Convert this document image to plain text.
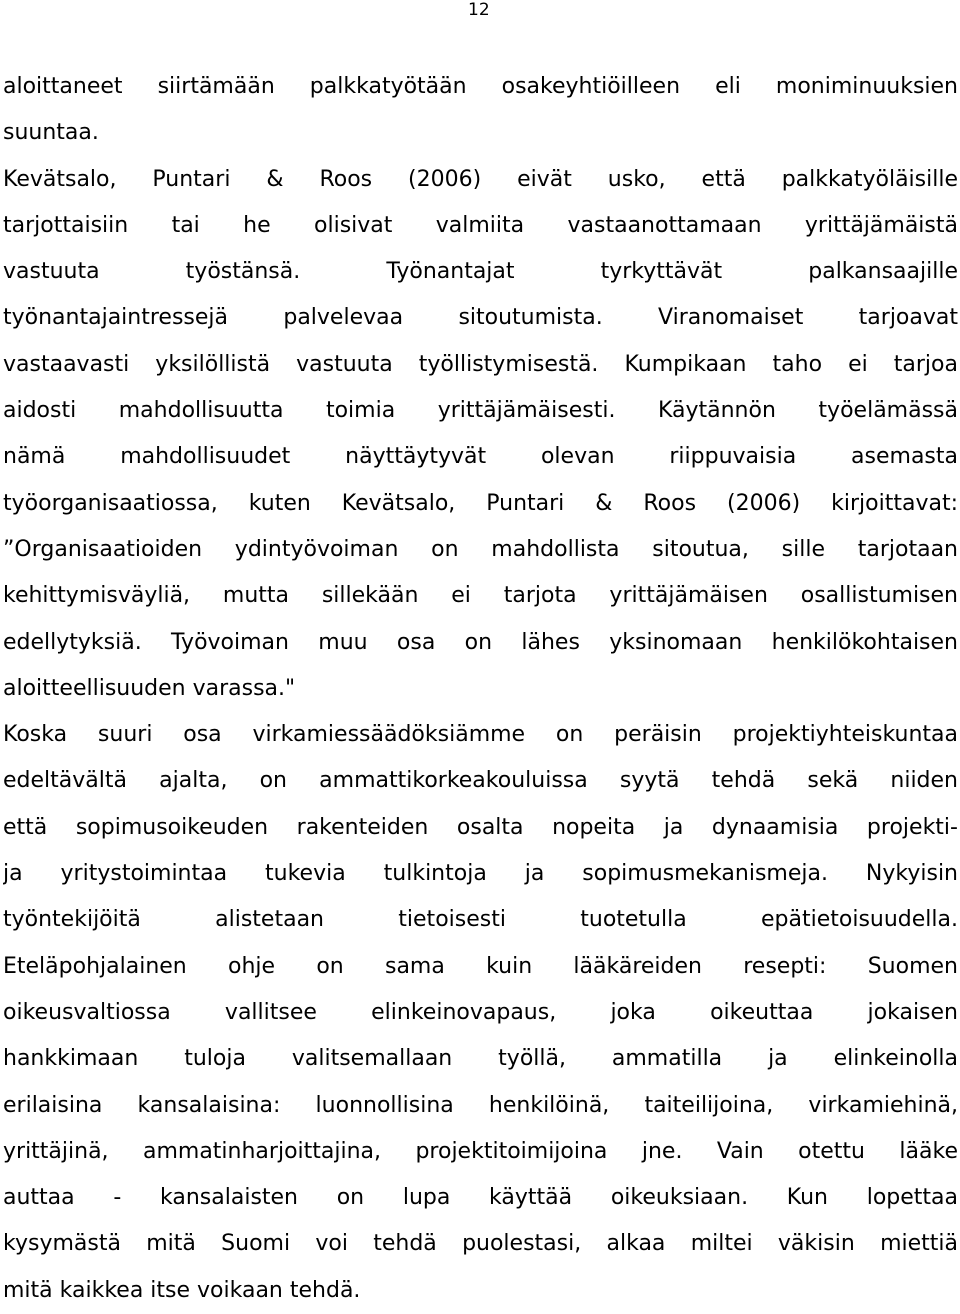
12
aloittaneet siirtämään palkkatyötään osakeyhtiöilleen eli moniminuuksien
suuntaa.
Kevätsalo, Puntari & Roos (2006) eivät usko, että palkkatyöläisille
tarjottaisiin tai he olisivat valmiita vastaanottamaan yrittäjämäistä
vastuuta työstänsä. Työnantajat tyrkyttävät palkansaajille
työnantajaintressejä palvelevaa sitoutumista. Viranomaiset tarjoavat
vastaavasti yksilöllistä vastuuta työllistymisestä. Kumpikaan taho ei tarjoa
aidosti mahdollisuutta toimia yrittäjämäisesti. Käytännön työelämässä
nämä mahdollisuudet näyttäytyvät olevan riippuvaisia asemasta
työorganisaatiossa, kuten Kevätsalo, Puntari & Roos (2006) kirjoittavat:
”Organisaatioiden ydintyövoiman on mahdollista sitoutua, sille tarjotaan
kehittymisväyliä, mutta sillekään ei tarjota yrittäjämäisen osallistumisen
edellytyksiä. Työvoiman muu osa on lähes yksinomaan henkilökohtaisen
aloitteellisuuden varassa."
Koska suuri osa virkamiessäädöksiämme on peräisin projektiyhteiskuntaa
edeltävältä ajalta, on ammattikorkeakouluissa syytä tehdä sekä niiden
että sopimusoikeuden rakenteiden osalta nopeita ja dynaamisia projekti-
ja yritystoimintaa tukevia tulkintoja ja sopimusmekanismeja. Nykyisin
työntekijöitä alistetaan tietoisesti tuotetulla epätietoisuudella.
Eteläpohjalainen ohje on sama kuin lääkäreiden resepti: Suomen
oikeusvaltiossa vallitsee elinkeinovapaus, joka oikeuttaa jokaisen
hankkimaan tuloja valitsemallaan työllä, ammatilla ja elinkeinolla
erilaisina kansalaisina: luonnollisina henkilöinä, taiteilijoina, virkamiehinä,
yrittäjinä, ammatinharjoittajina, projektitoimijoina jne. Vain otettu lääke
auttaa - kansalaisten on lupa käyttää oikeuksiaan. Kun lopettaa
kysymästä mitä Suomi voi tehdä puolestasi, alkaa miltei väkisin miettiä
mitä kaikkea itse voikaan tehdä.
